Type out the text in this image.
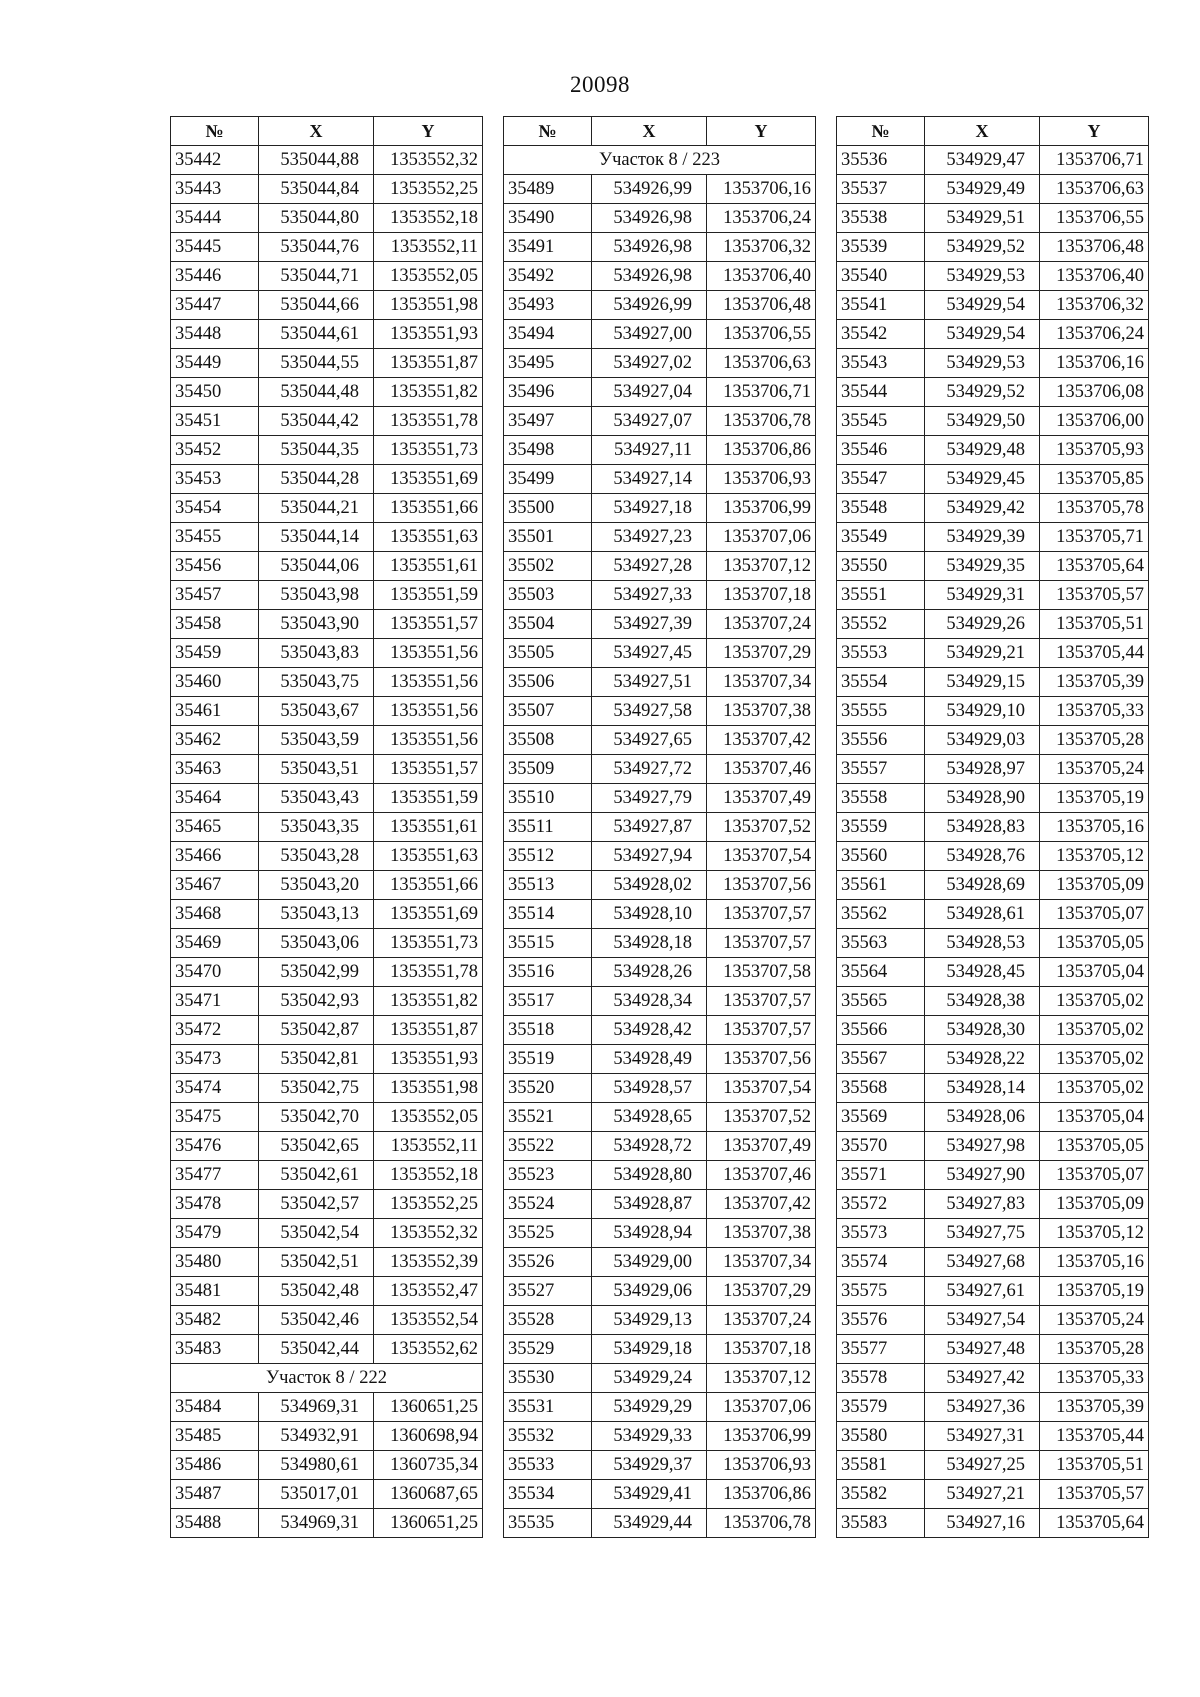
20098
№	X	Y
35442	535044,88	1353552,32
35443	535044,84	1353552,25
35444	535044,80	1353552,18
35445	535044,76	1353552,11
35446	535044,71	1353552,05
35447	535044,66	1353551,98
35448	535044,61	1353551,93
35449	535044,55	1353551,87
35450	535044,48	1353551,82
35451	535044,42	1353551,78
35452	535044,35	1353551,73
35453	535044,28	1353551,69
35454	535044,21	1353551,66
35455	535044,14	1353551,63
35456	535044,06	1353551,61
35457	535043,98	1353551,59
35458	535043,90	1353551,57
35459	535043,83	1353551,56
35460	535043,75	1353551,56
35461	535043,67	1353551,56
35462	535043,59	1353551,56
35463	535043,51	1353551,57
35464	535043,43	1353551,59
35465	535043,35	1353551,61
35466	535043,28	1353551,63
35467	535043,20	1353551,66
35468	535043,13	1353551,69
35469	535043,06	1353551,73
35470	535042,99	1353551,78
35471	535042,93	1353551,82
35472	535042,87	1353551,87
35473	535042,81	1353551,93
35474	535042,75	1353551,98
35475	535042,70	1353552,05
35476	535042,65	1353552,11
35477	535042,61	1353552,18
35478	535042,57	1353552,25
35479	535042,54	1353552,32
35480	535042,51	1353552,39
35481	535042,48	1353552,47
35482	535042,46	1353552,54
35483	535042,44	1353552,62
Участок 8 / 222		
35484	534969,31	1360651,25
35485	534932,91	1360698,94
35486	534980,61	1360735,34
35487	535017,01	1360687,65
35488	534969,31	1360651,25
№	X	Y
Участок 8 / 223		
35489	534926,99	1353706,16
35490	534926,98	1353706,24
35491	534926,98	1353706,32
35492	534926,98	1353706,40
35493	534926,99	1353706,48
35494	534927,00	1353706,55
35495	534927,02	1353706,63
35496	534927,04	1353706,71
35497	534927,07	1353706,78
35498	534927,11	1353706,86
35499	534927,14	1353706,93
35500	534927,18	1353706,99
35501	534927,23	1353707,06
35502	534927,28	1353707,12
35503	534927,33	1353707,18
35504	534927,39	1353707,24
35505	534927,45	1353707,29
35506	534927,51	1353707,34
35507	534927,58	1353707,38
35508	534927,65	1353707,42
35509	534927,72	1353707,46
35510	534927,79	1353707,49
35511	534927,87	1353707,52
35512	534927,94	1353707,54
35513	534928,02	1353707,56
35514	534928,10	1353707,57
35515	534928,18	1353707,57
35516	534928,26	1353707,58
35517	534928,34	1353707,57
35518	534928,42	1353707,57
35519	534928,49	1353707,56
35520	534928,57	1353707,54
35521	534928,65	1353707,52
35522	534928,72	1353707,49
35523	534928,80	1353707,46
35524	534928,87	1353707,42
35525	534928,94	1353707,38
35526	534929,00	1353707,34
35527	534929,06	1353707,29
35528	534929,13	1353707,24
35529	534929,18	1353707,18
35530	534929,24	1353707,12
35531	534929,29	1353707,06
35532	534929,33	1353706,99
35533	534929,37	1353706,93
35534	534929,41	1353706,86
35535	534929,44	1353706,78
№	X	Y
35536	534929,47	1353706,71
35537	534929,49	1353706,63
35538	534929,51	1353706,55
35539	534929,52	1353706,48
35540	534929,53	1353706,40
35541	534929,54	1353706,32
35542	534929,54	1353706,24
35543	534929,53	1353706,16
35544	534929,52	1353706,08
35545	534929,50	1353706,00
35546	534929,48	1353705,93
35547	534929,45	1353705,85
35548	534929,42	1353705,78
35549	534929,39	1353705,71
35550	534929,35	1353705,64
35551	534929,31	1353705,57
35552	534929,26	1353705,51
35553	534929,21	1353705,44
35554	534929,15	1353705,39
35555	534929,10	1353705,33
35556	534929,03	1353705,28
35557	534928,97	1353705,24
35558	534928,90	1353705,19
35559	534928,83	1353705,16
35560	534928,76	1353705,12
35561	534928,69	1353705,09
35562	534928,61	1353705,07
35563	534928,53	1353705,05
35564	534928,45	1353705,04
35565	534928,38	1353705,02
35566	534928,30	1353705,02
35567	534928,22	1353705,02
35568	534928,14	1353705,02
35569	534928,06	1353705,04
35570	534927,98	1353705,05
35571	534927,90	1353705,07
35572	534927,83	1353705,09
35573	534927,75	1353705,12
35574	534927,68	1353705,16
35575	534927,61	1353705,19
35576	534927,54	1353705,24
35577	534927,48	1353705,28
35578	534927,42	1353705,33
35579	534927,36	1353705,39
35580	534927,31	1353705,44
35581	534927,25	1353705,51
35582	534927,21	1353705,57
35583	534927,16	1353705,64
